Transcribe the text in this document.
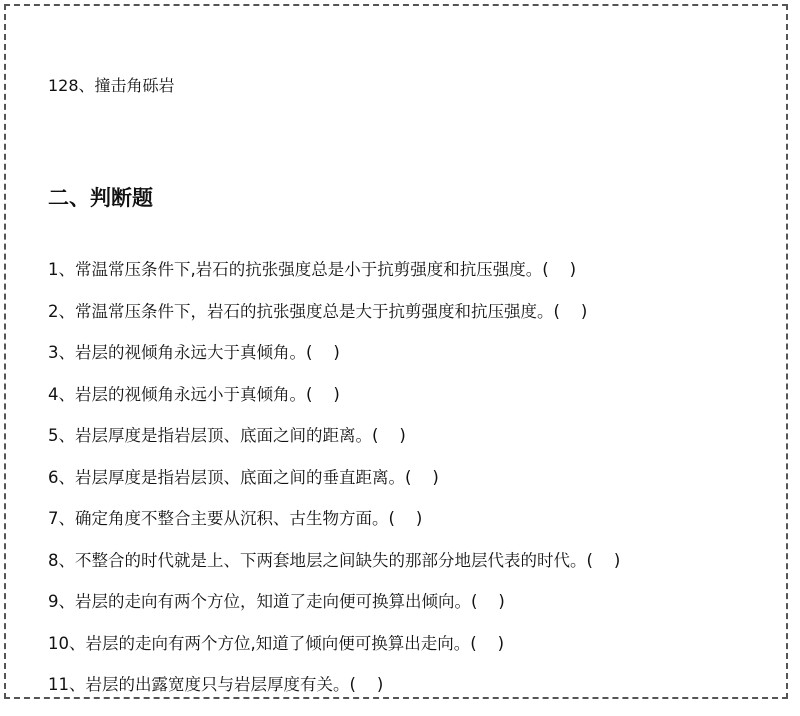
128、撞击角砾岩
二、判断题
1、常温常压条件下,岩石的抗张强度总是小于抗剪强度和抗压强度。(    )
2、常温常压条件下，岩石的抗张强度总是大于抗剪强度和抗压强度。(    )
3、岩层的视倾角永远大于真倾角。(    )
4、岩层的视倾角永远小于真倾角。(    )
5、岩层厚度是指岩层顶、底面之间的距离。(    )
6、岩层厚度是指岩层顶、底面之间的垂直距离。(    )
7、确定角度不整合主要从沉积、古生物方面。(    )
8、不整合的时代就是上、下两套地层之间缺失的那部分地层代表的时代。(    )
9、岩层的走向有两个方位，知道了走向便可换算出倾向。(    )
10、岩层的走向有两个方位,知道了倾向便可换算出走向。(    )
11、岩层的出露宽度只与岩层厚度有关。(    )
